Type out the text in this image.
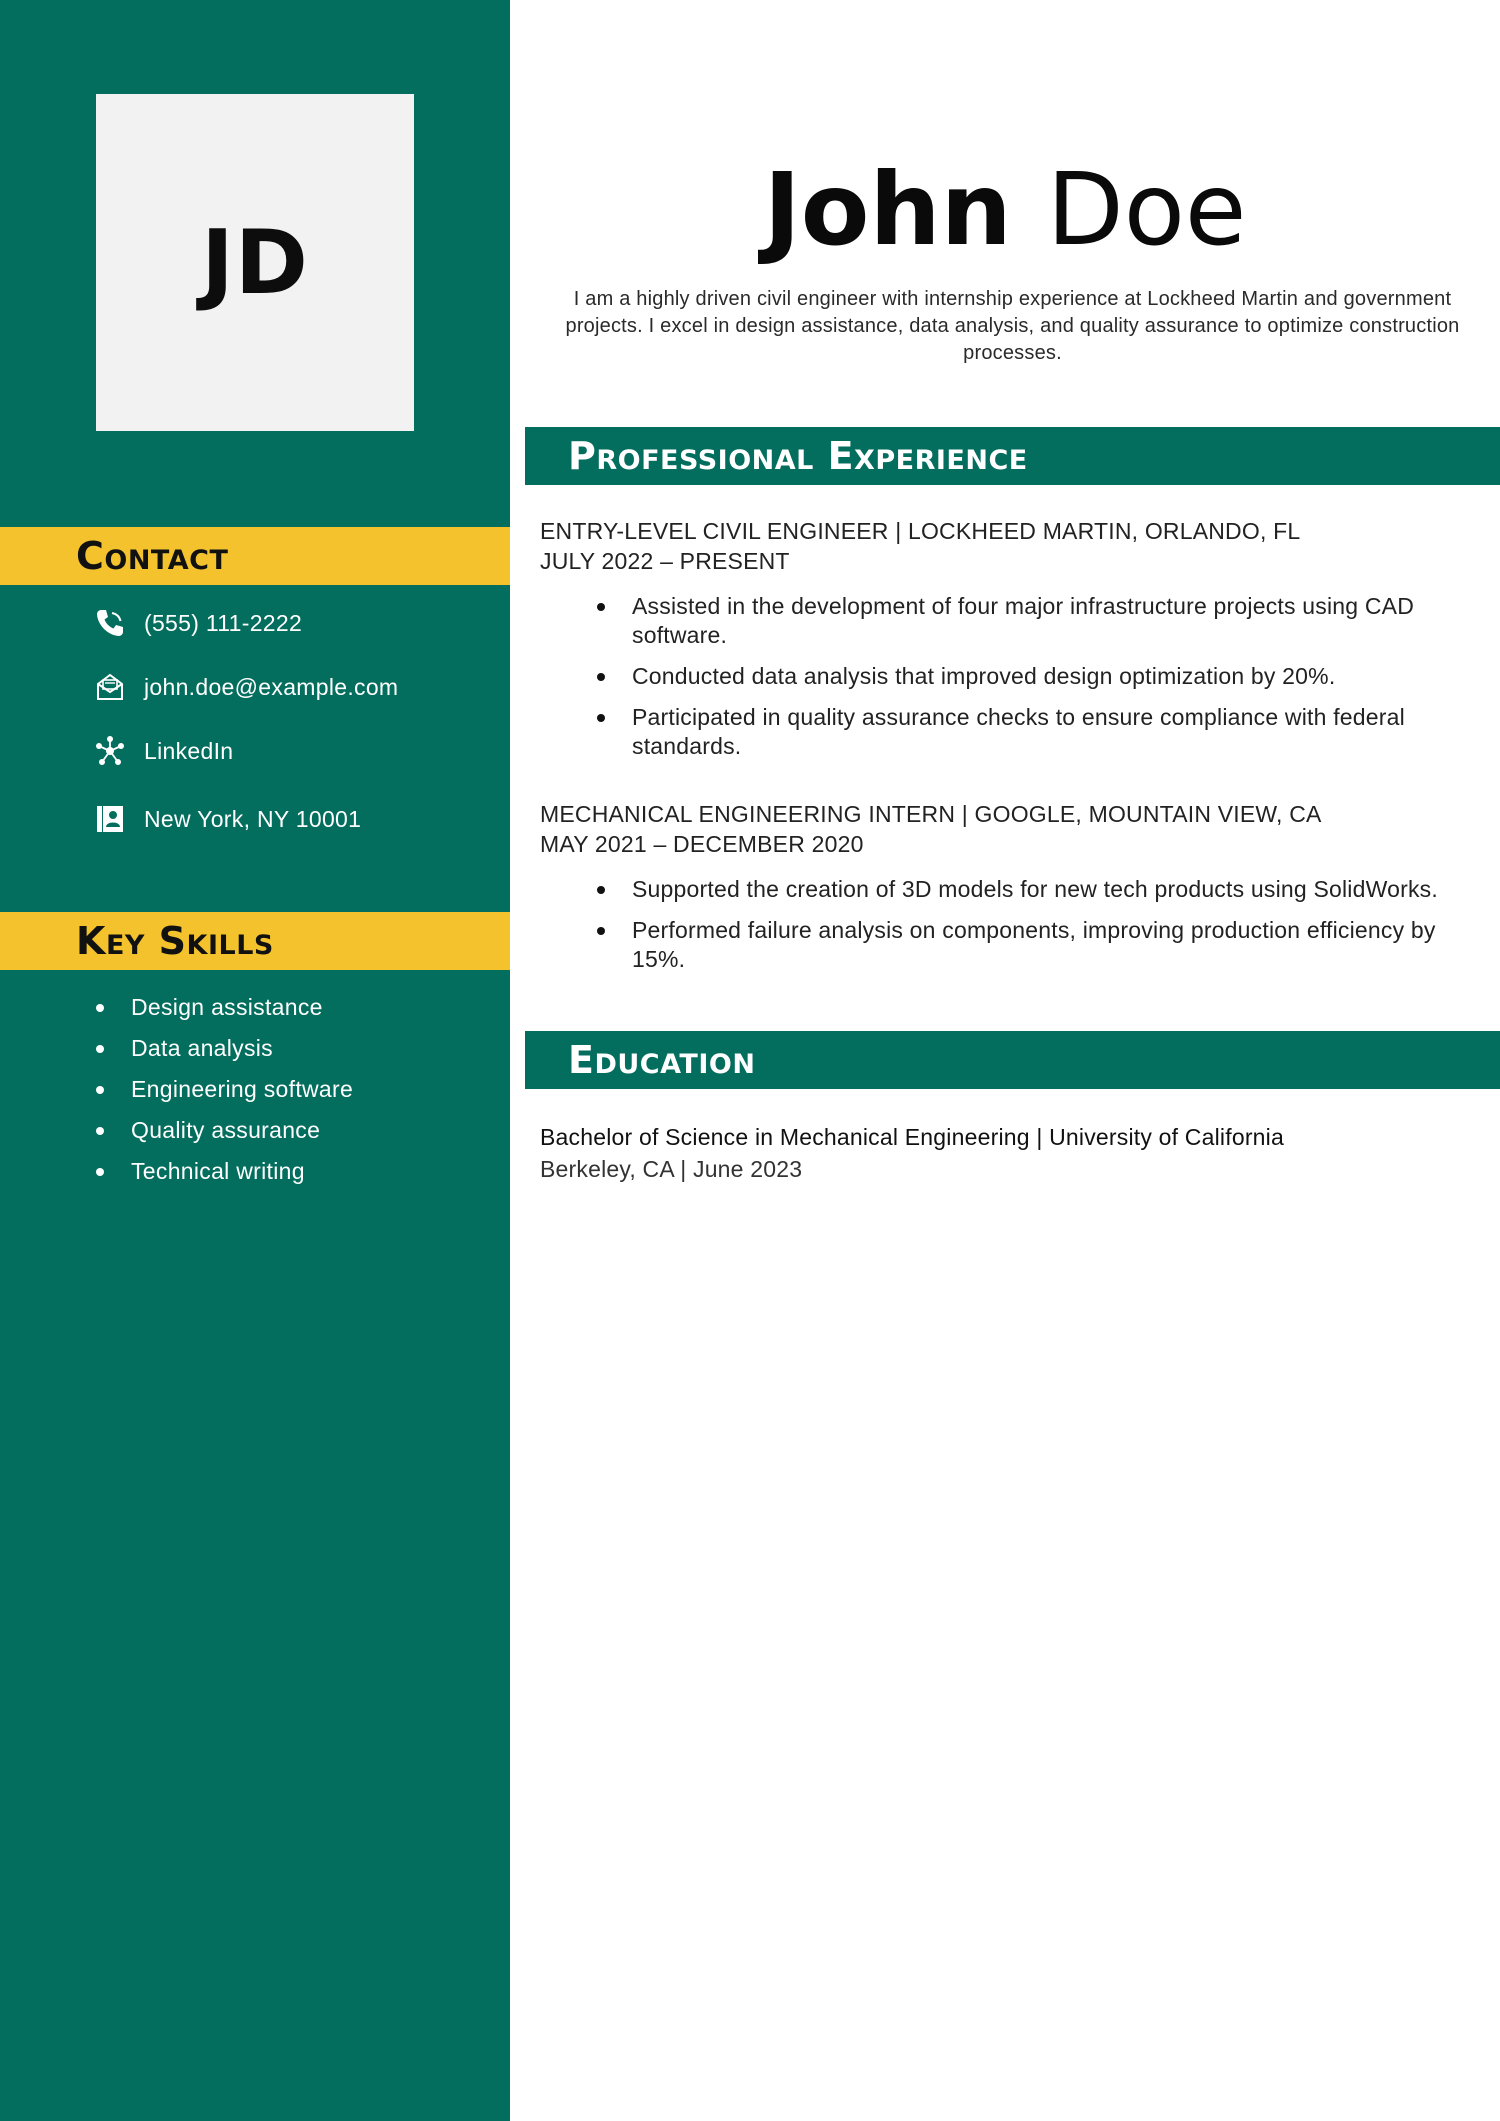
JD
Contact
(555) 111-2222
john.doe@example.com
LinkedIn
New York, NY 10001
Key Skills
Design assistance
Data analysis
Engineering software
Quality assurance
Technical writing
John Doe

I am a highly driven civil engineer with internship experience at Lockheed Martin and government projects. I excel in design assistance, data analysis, and quality assurance to optimize construction processes.

Professional Experience
ENTRY-LEVEL CIVIL ENGINEER | LOCKHEED MARTIN, ORLANDO, FL
JULY 2022 – PRESENT
Assisted in the development of four major infrastructure projects using CAD software.
Conducted data analysis that improved design optimization by 20%.
Participated in quality assurance checks to ensure compliance with federal standards.
MECHANICAL ENGINEERING INTERN | GOOGLE, MOUNTAIN VIEW, CA
MAY 2021 – DECEMBER 2020
Supported the creation of 3D models for new tech products using SolidWorks.
Performed failure analysis on components, improving production efficiency by 15%.
Education
Bachelor of Science in Mechanical Engineering | University of California
Berkeley, CA | June 2023
